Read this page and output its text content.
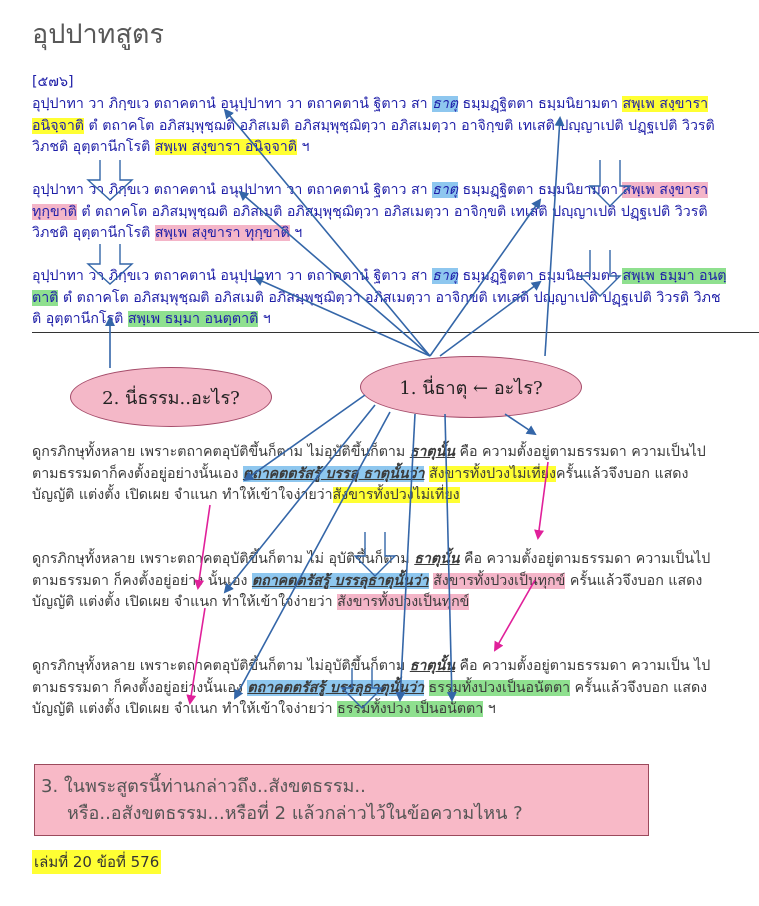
อุปปาทสูตร
[๕๗๖]
อุปฺปาทา วา ภิกฺขเว ตถาคตานํ อนุปฺปาทา วา ตถาคตานํ ฐิตาว สา ธาตุ ธมฺมฏฺฐิตตา ธมฺมนิยามตา สพฺเพ สงฺขารา อนิจฺจาติ ตํ ตถาคโต อภิสมฺพุชฺฌติ อภิสเมติ อภิสมฺพุชฺฌิตฺวา อภิสเมตฺวา อาจิกฺขติ เทเสติ ปญฺญาเปติ ปฏฺฐเปติ วิวรติ วิภชติ อุตฺตานีกโรติ สพฺเพ สงฺขารา อนิจฺจาติ ฯ
อุปฺปาทา วา ภิกฺขเว ตถาคตานํ อนุปฺปาทา วา ตถาคตานํ ฐิตาว สา ธาตุ ธมฺมฏฺฐิตตา ธมฺมนิยามตา สพฺเพ สงฺขารา ทุกฺขาติ ตํ ตถาคโต อภิสมฺพุชฺฌติ อภิสเมติ อภิสมฺพุชฺฌิตฺวา อภิสเมตฺวา อาจิกฺขติ เทเสติ ปญฺญาเปติ ปฏฺฐเปติ วิวรติ วิภชติ อุตฺตานีกโรติ สพฺเพ สงฺขารา ทุกฺขาติ ฯ
อุปฺปาทา วา ภิกฺขเว ตถาคตานํ อนุปฺปาทา วา ตถาคตานํ ฐิตาว สา ธาตุ ธมฺมฏฺฐิตตา ธมฺมนิยามตา สพฺเพ ธมฺมา อนตฺตาติ ตํ ตถาคโต อภิสมฺพุชฺฌติ อภิสเมติ อภิสมฺพุชฺฌิตฺวา อภิสเมตฺวา อาจิกฺขติ เทเสติ ปญฺญาเปติ ปฏฺฐเปติ วิวรติ วิภชติ อุตฺตานีกโรติ สพฺเพ ธมฺมา อนตฺตาติ ฯ
2. นี่ธรรม..อะไร?	1. นี่ธาตุ ← อะไร?
ดูกรภิกษุทั้งหลาย เพราะตถาคตอุบัติขึ้นก็ตาม ไม่อุบัติขึ้นก็ตาม ธาตุนั้น คือ ความตั้งอยู่ตามธรรมดา ความเป็นไปตามธรรมดาก็คงตั้งอยู่อย่างนั้นเอง ตถาคตตรัสรู้ บรรลุ ธาตุนั้นว่า สังขารทั้งปวงไม่เที่ยงครั้นแล้วจึงบอก แสดง บัญญัติ แต่งตั้ง เปิดเผย จำแนก ทำให้เข้าใจง่ายว่าสังขารทั้งปวงไม่เที่ยง
ดูกรภิกษุทั้งหลาย เพราะตถาคตอุบัติขึ้นก็ตาม ไม่ อุบัติขึ้นก็ตาม ธาตุนั้น คือ ความตั้งอยู่ตามธรรมดา ความเป็นไปตามธรรมดา ก็คงตั้งอยู่อย่าง นั้นเอง ตถาคตตรัสรู้ บรรลุธาตุนั้นว่า สังขารทั้งปวงเป็นทุกข์ ครั้นแล้วจึงบอก แสดง บัญญัติ แต่งตั้ง เปิดเผย จำแนก ทำให้เข้าใจง่ายว่า สังขารทั้งปวงเป็นทุกข์
ดูกรภิกษุทั้งหลาย เพราะตถาคตอุบัติขึ้นก็ตาม ไม่อุบัติขึ้นก็ตาม ธาตุนั้น คือ ความตั้งอยู่ตามธรรมดา ความเป็น ไปตามธรรมดา ก็คงตั้งอยู่อย่างนั้นเอง ตถาคตตรัสรู้ บรรลุธาตุนั้นว่า ธรรมทั้งปวงเป็นอนัตตา ครั้นแล้วจึงบอก แสดง บัญญัติ แต่งตั้ง เปิดเผย จำแนก ทำให้เข้าใจง่ายว่า ธรรมทั้งปวง เป็นอนัตตา ฯ
3. ในพระสูตรนี้ท่านกล่าวถึง..สังขตธรรม..
หรือ..อสังขตธรรม...หรือที่ 2 แล้วกล่าวไว้ในข้อความไหน ?
เล่มที่ 20 ข้อที่ 576
